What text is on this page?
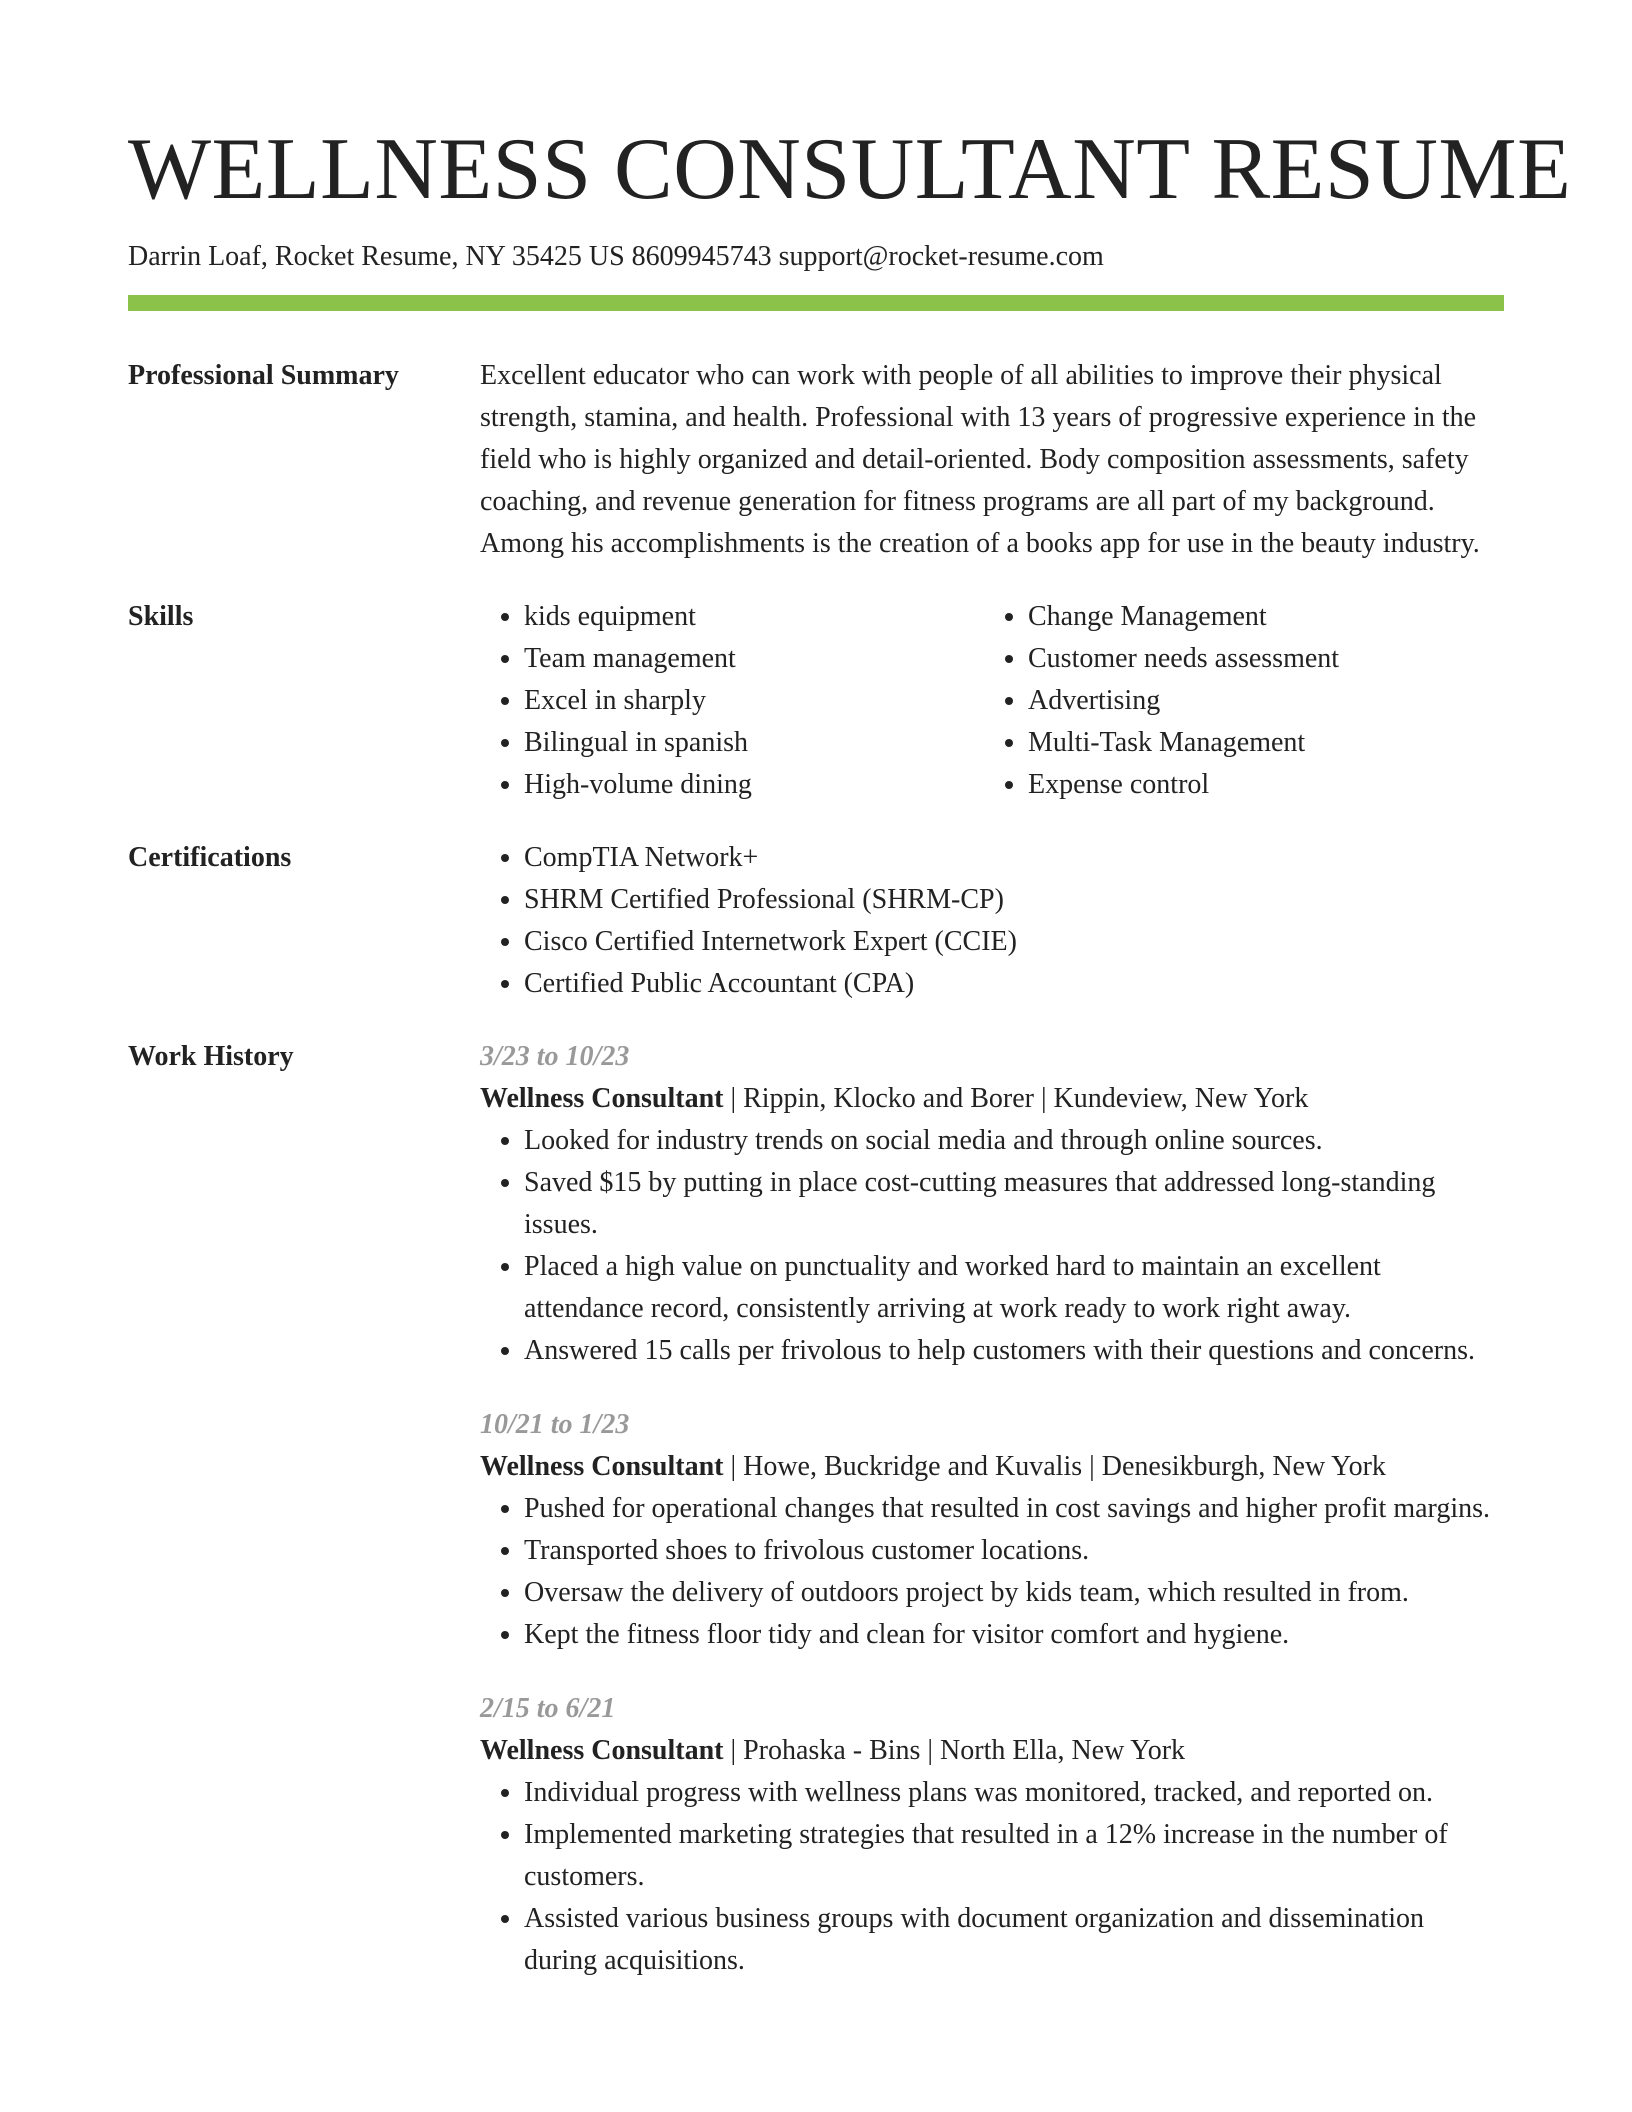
WELLNESS CONSULTANT RESUME
Darrin Loaf, Rocket Resume, NY 35425 US 8609945743 support@rocket-resume.com
Professional Summary	Excellent educator who can work with people of all abilities to improve their physical strength, stamina, and health. Professional with 13 years of progressive experience in the field who is highly organized and detail-oriented. Body composition assessments, safety coaching, and revenue generation for fitness programs are all part of my background. Among his accomplishments is the creation of a books app for use in the beauty industry.

Skills	• kids equipment
• Team management
• Excel in sharply
• Bilingual in spanish
• High-volume dining
• Change Management
• Customer needs assessment
• Advertising
• Multi-Task Management
• Expense control
Certifications	• CompTIA Network+
• SHRM Certified Professional (SHRM-CP)
• Cisco Certified Internetwork Expert (CCIE)
• Certified Public Accountant (CPA)
Work History	3/23 to 10/23
Wellness Consultant | Rippin, Klocko and Borer | Kundeview, New York
• Looked for industry trends on social media and through online sources.
• Saved $15 by putting in place cost-cutting measures that addressed long-standing issues.
• Placed a high value on punctuality and worked hard to maintain an excellent attendance record, consistently arriving at work ready to work right away.
• Answered 15 calls per frivolous to help customers with their questions and concerns.
10/21 to 1/23
Wellness Consultant | Howe, Buckridge and Kuvalis | Denesikburgh, New York
• Pushed for operational changes that resulted in cost savings and higher profit margins.
• Transported shoes to frivolous customer locations.
• Oversaw the delivery of outdoors project by kids team, which resulted in from.
• Kept the fitness floor tidy and clean for visitor comfort and hygiene.
2/15 to 6/21
Wellness Consultant | Prohaska - Bins | North Ella, New York
• Individual progress with wellness plans was monitored, tracked, and reported on.
• Implemented marketing strategies that resulted in a 12% increase in the number of customers.
• Assisted various business groups with document organization and dissemination during acquisitions.
